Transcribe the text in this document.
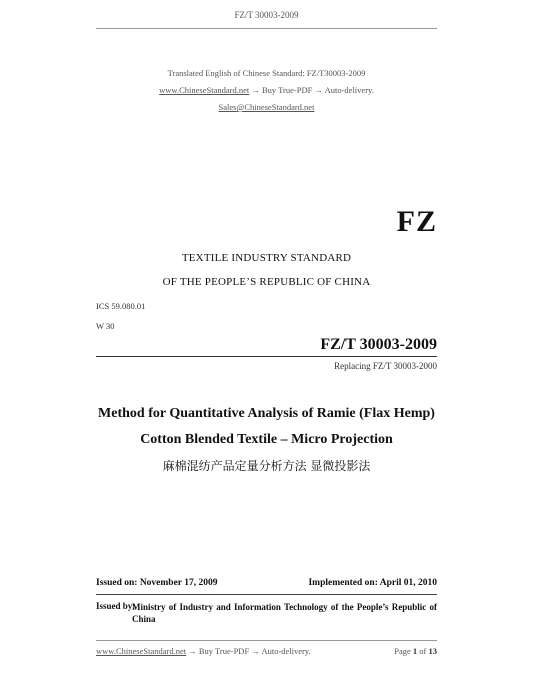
FZ/T 30003-2009
Translated English of Chinese Standard: FZ/T30003-2009
www.ChineseStandard.net → Buy True-PDF → Auto-delivery.
Sales@ChineseStandard.net
FZ
TEXTILE INDUSTRY STANDARD
OF THE PEOPLE’S REPUBLIC OF CHINA
ICS 59.080.01
W 30
FZ/T 30003-2009
Replacing FZ/T 30003-2000
Method for Quantitative Analysis of Ramie (Flax Hemp)
Cotton Blended Textile – Micro Projection
麻棉混纺产品定量分析方法 显微投影法
Issued on: November 17, 2009	Implemented on: April 01, 2010
Issued by:
Ministry of Industry and Information Technology of the People’s Republic of China
www.ChineseStandard.net → Buy True-PDF → Auto-delivery.	Page 1 of 13
